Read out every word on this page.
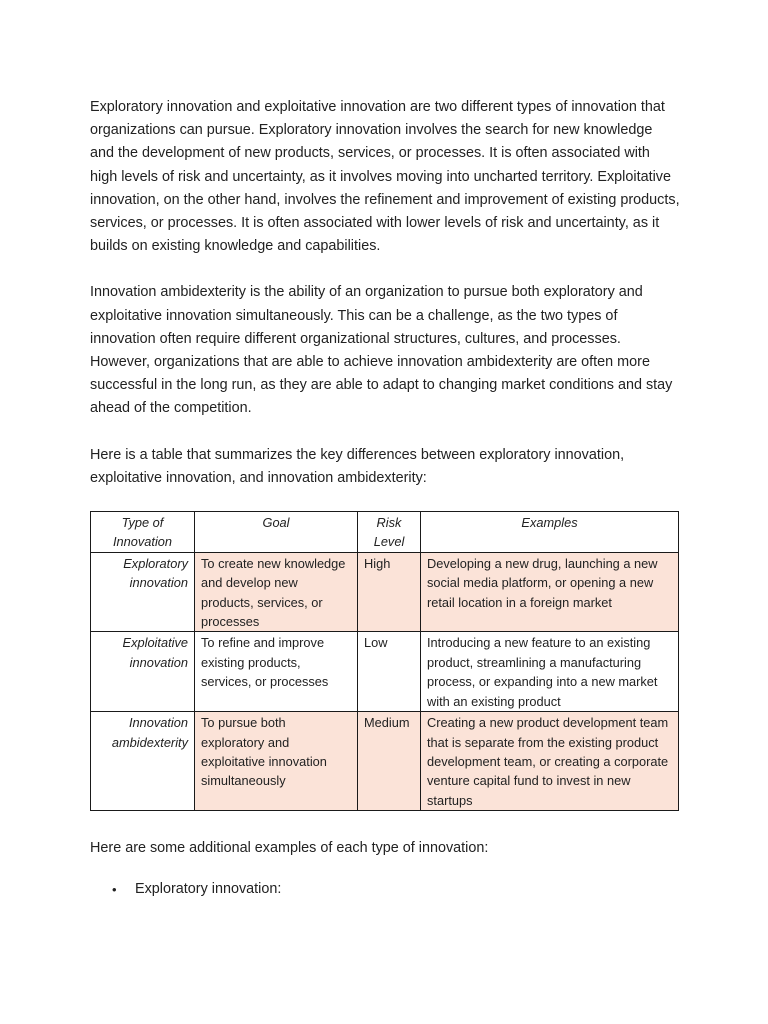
Exploratory innovation and exploitative innovation are two different types of innovation that organizations can pursue. Exploratory innovation involves the search for new knowledge and the development of new products, services, or processes. It is often associated with high levels of risk and uncertainty, as it involves moving into uncharted territory. Exploitative innovation, on the other hand, involves the refinement and improvement of existing products, services, or processes. It is often associated with lower levels of risk and uncertainty, as it builds on existing knowledge and capabilities.

Innovation ambidexterity is the ability of an organization to pursue both exploratory and exploitative innovation simultaneously. This can be a challenge, as the two types of innovation often require different organizational structures, cultures, and processes. However, organizations that are able to achieve innovation ambidexterity are often more successful in the long run, as they are able to adapt to changing market conditions and stay ahead of the competition.

Here is a table that summarizes the key differences between exploratory innovation, exploitative innovation, and innovation ambidexterity:

Type of Innovation	Goal	Risk Level	Examples
Exploratory innovation	To create new knowledge and develop new products, services, or processes	High	Developing a new drug, launching a new social media platform, or opening a new retail location in a foreign market
Exploitative innovation	To refine and improve existing products, services, or processes	Low	Introducing a new feature to an existing product, streamlining a manufacturing process, or expanding into a new market with an existing product
Innovation ambidexterity	To pursue both exploratory and exploitative innovation simultaneously	Medium	Creating a new product development team that is separate from the existing product development team, or creating a corporate venture capital fund to invest in new startups

Here are some additional examples of each type of innovation:

• Exploratory innovation:
